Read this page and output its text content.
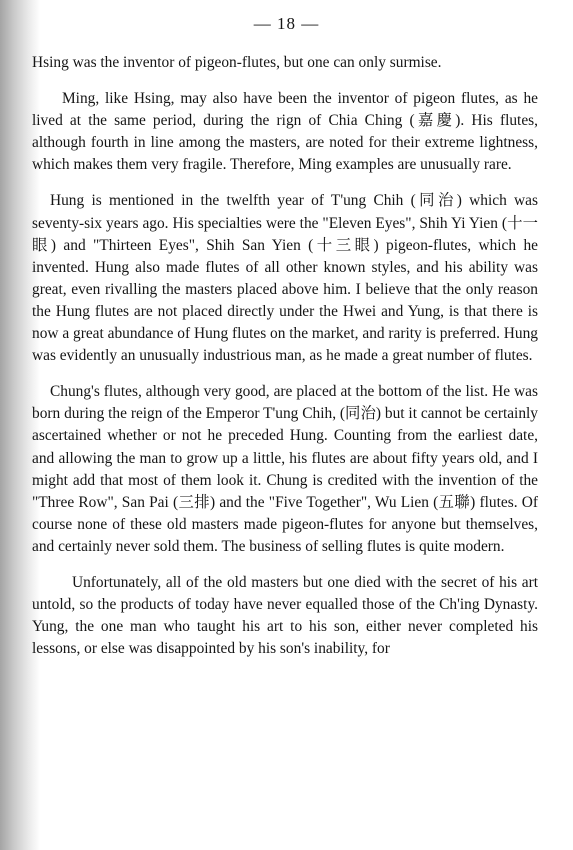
— 18 —

Hsing was the inventor of pigeon-flutes, but one can only surmise.

Ming, like Hsing, may also have been the inventor of pigeon flutes, as he lived at the same period, during the rign of Chia Ching (嘉慶). His flutes, although fourth in line among the masters, are noted for their extreme lightness, which makes them very fragile. Therefore, Ming examples are unusually rare.

Hung is mentioned in the twelfth year of T'ung Chih (同治) which was seventy-six years ago. His specialties were the "Eleven Eyes", Shih Yi Yien (十一眼) and "Thirteen Eyes", Shih San Yien (十三眼) pigeon-flutes, which he invented. Hung also made flutes of all other known styles, and his ability was great, even rivalling the masters placed above him. I believe that the only reason the Hung flutes are not placed directly under the Hwei and Yung, is that there is now a great abundance of Hung flutes on the market, and rarity is preferred. Hung was evidently an unusually industrious man, as he made a great number of flutes.

Chung's flutes, although very good, are placed at the bottom of the list. He was born during the reign of the Emperor T'ung Chih, (同治) but it cannot be certainly ascertained whether or not he preceded Hung. Counting from the earliest date, and allowing the man to grow up a little, his flutes are about fifty years old, and I might add that most of them look it. Chung is credited with the invention of the "Three Row", San Pai (三排) and the "Five Together", Wu Lien (五聯) flutes. Of course none of these old masters made pigeon-flutes for anyone but themselves, and certainly never sold them. The business of selling flutes is quite modern.

Unfortunately, all of the old masters but one died with the secret of his art untold, so the products of today have never equalled those of the Ch'ing Dynasty. Yung, the one man who taught his art to his son, either never completed his lessons, or else was disappointed by his son's inability, for
